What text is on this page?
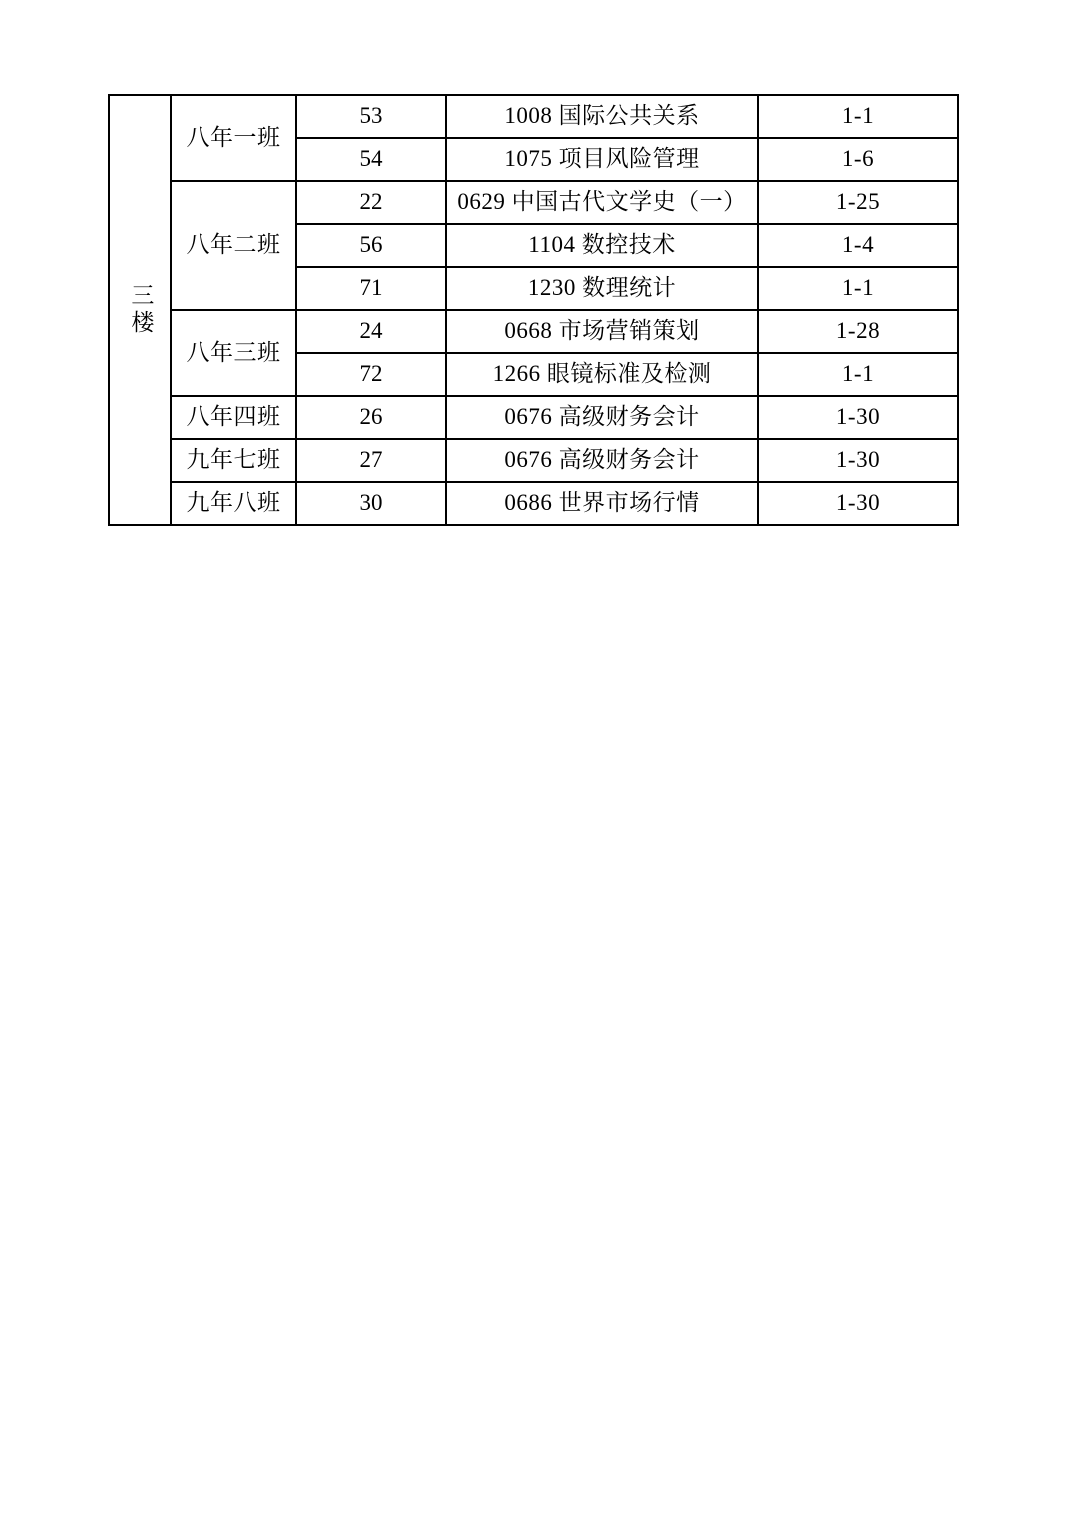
三楼	八年一班	53	1008 国际公共关系	1-1
		54	1075 项目风险管理	1-6
	八年二班	22	0629 中国古代文学史（一）	1-25
		56	1104 数控技术	1-4
		71	1230 数理统计	1-1
	八年三班	24	0668 市场营销策划	1-28
		72	1266 眼镜标准及检测	1-1
	八年四班	26	0676 高级财务会计	1-30
	九年七班	27	0676 高级财务会计	1-30
	九年八班	30	0686 世界市场行情	1-30
